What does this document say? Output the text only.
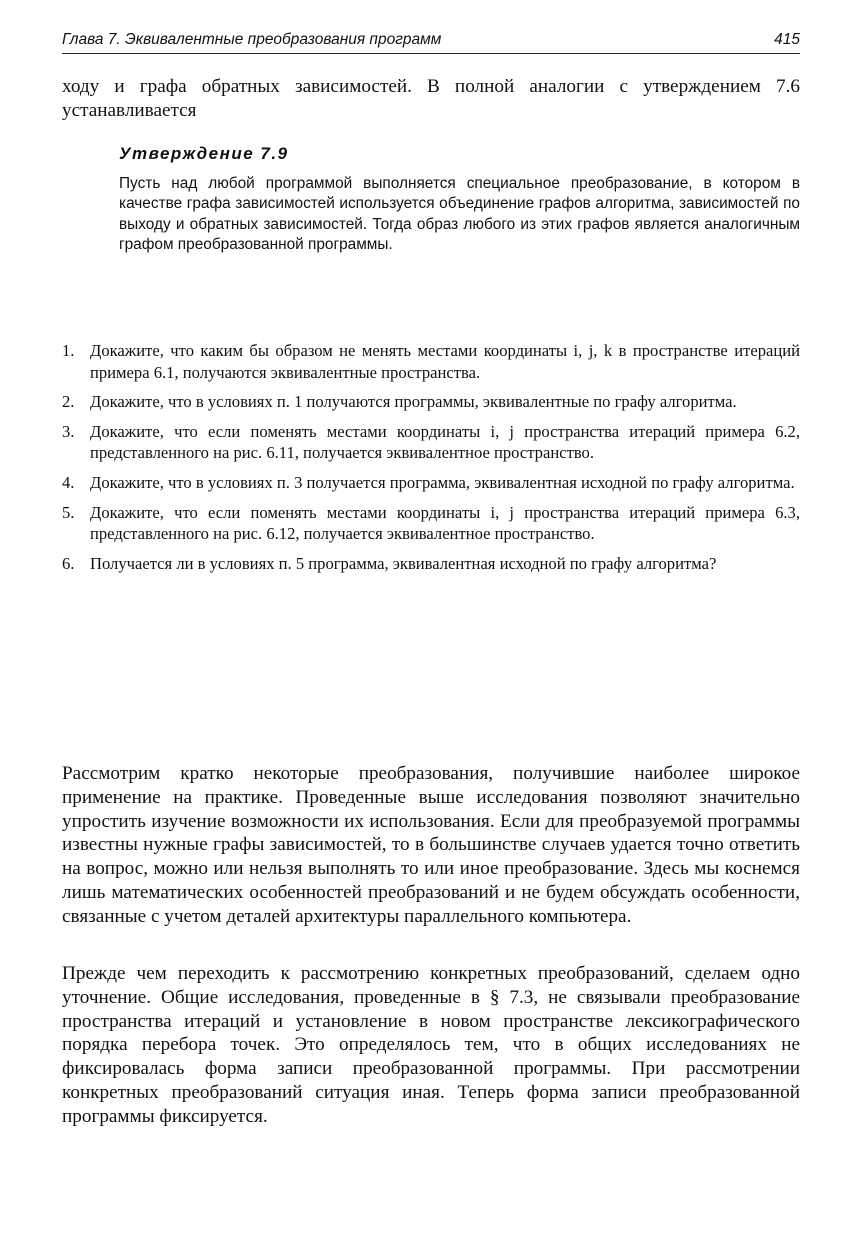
Глава 7. Эквивалентные преобразования программ	415
ходу и графа обратных зависимостей. В полной аналогии с утверждением 7.6 устанавливается
Утверждение 7.9
Пусть над любой программой выполняется специальное преобразование, в котором в качестве графа зависимостей используется объединение графов алгоритма, зависимостей по выходу и обратных зависимостей. Тогда образ любого из этих графов является аналогичным графом преобразованной программы.
1. Докажите, что каким бы образом не менять местами координаты i, j, k в пространстве итераций примера 6.1, получаются эквивалентные пространства.
2. Докажите, что в условиях п. 1 получаются программы, эквивалентные по графу алгоритма.
3. Докажите, что если поменять местами координаты i, j пространства итераций примера 6.2, представленного на рис. 6.11, получается эквивалентное пространство.
4. Докажите, что в условиях п. 3 получается программа, эквивалентная исходной по графу алгоритма.
5. Докажите, что если поменять местами координаты i, j пространства итераций примера 6.3, представленного на рис. 6.12, получается эквивалентное пространство.
6. Получается ли в условиях п. 5 программа, эквивалентная исходной по графу алгоритма?
Рассмотрим кратко некоторые преобразования, получившие наиболее широкое применение на практике. Проведенные выше исследования позволяют значительно упростить изучение возможности их использования. Если для преобразуемой программы известны нужные графы зависимостей, то в большинстве случаев удается точно ответить на вопрос, можно или нельзя выполнять то или иное преобразование. Здесь мы коснемся лишь математических особенностей преобразований и не будем обсуждать особенности, связанные с учетом деталей архитектуры параллельного компьютера.
Прежде чем переходить к рассмотрению конкретных преобразований, сделаем одно уточнение. Общие исследования, проведенные в § 7.3, не связывали преобразование пространства итераций и установление в новом пространстве лексикографического порядка перебора точек. Это определялось тем, что в общих исследованиях не фиксировалась форма записи преобразованной программы. При рассмотрении конкретных преобразований ситуация иная. Теперь форма записи преобразованной программы фиксируется.
